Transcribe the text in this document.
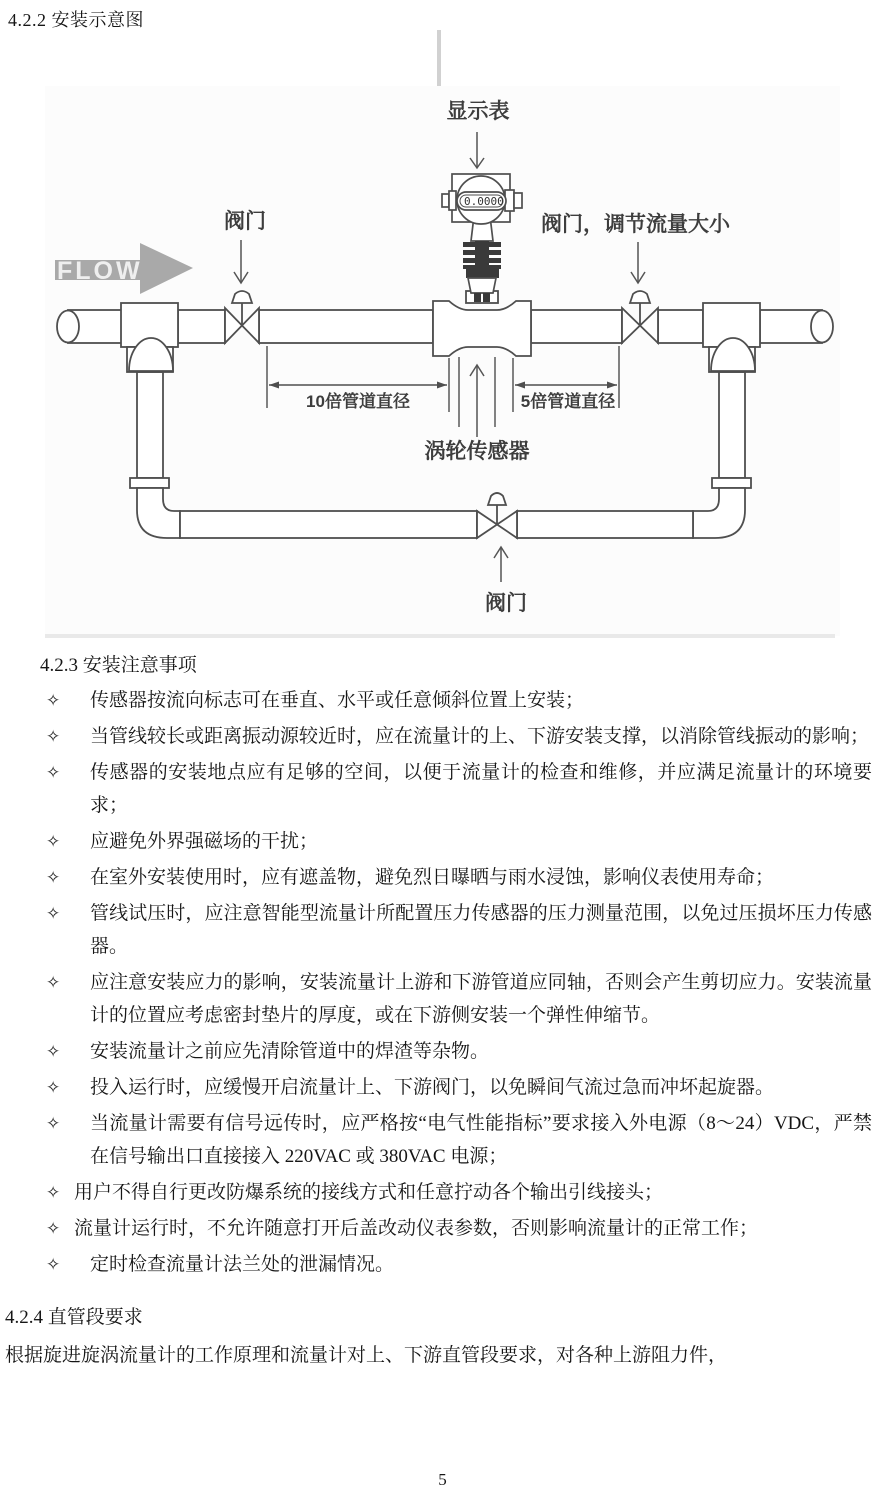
4.2.2 安装示意图
FLOW
0.0000
10倍管道直径	5倍管道直径
显示表
阀门	阀门，调节流量大小
涡轮传感器
阀门
4.2.3 安装注意事项
✧	传感器按流向标志可在垂直、水平或任意倾斜位置上安装；
✧	当管线较长或距离振动源较近时，应在流量计的上、下游安装支撑，以消除管线振动的影响；
✧	传感器的安装地点应有足够的空间，以便于流量计的检查和维修，并应满足流量计的环境要求；
✧	应避免外界强磁场的干扰；
✧	在室外安装使用时，应有遮盖物，避免烈日曝晒与雨水浸蚀，影响仪表使用寿命；
✧	管线试压时，应注意智能型流量计所配置压力传感器的压力测量范围，以免过压损坏压力传感器。
✧	应注意安装应力的影响，安装流量计上游和下游管道应同轴，否则会产生剪切应力。安装流量计的位置应考虑密封垫片的厚度，或在下游侧安装一个弹性伸缩节。
✧	安装流量计之前应先清除管道中的焊渣等杂物。
✧	投入运行时，应缓慢开启流量计上、下游阀门，以免瞬间气流过急而冲坏起旋器。
✧	当流量计需要有信号远传时，应严格按“电气性能指标”要求接入外电源（8～24）VDC，严禁在信号输出口直接接入 220VAC 或 380VAC 电源；
✧ 用户不得自行更改防爆系统的接线方式和任意拧动各个输出引线接头；
✧ 流量计运行时，不允许随意打开后盖改动仪表参数，否则影响流量计的正常工作；
✧	定时检查流量计法兰处的泄漏情况。
4.2.4 直管段要求
根据旋进旋涡流量计的工作原理和流量计对上、下游直管段要求，对各种上游阻力件，
5
